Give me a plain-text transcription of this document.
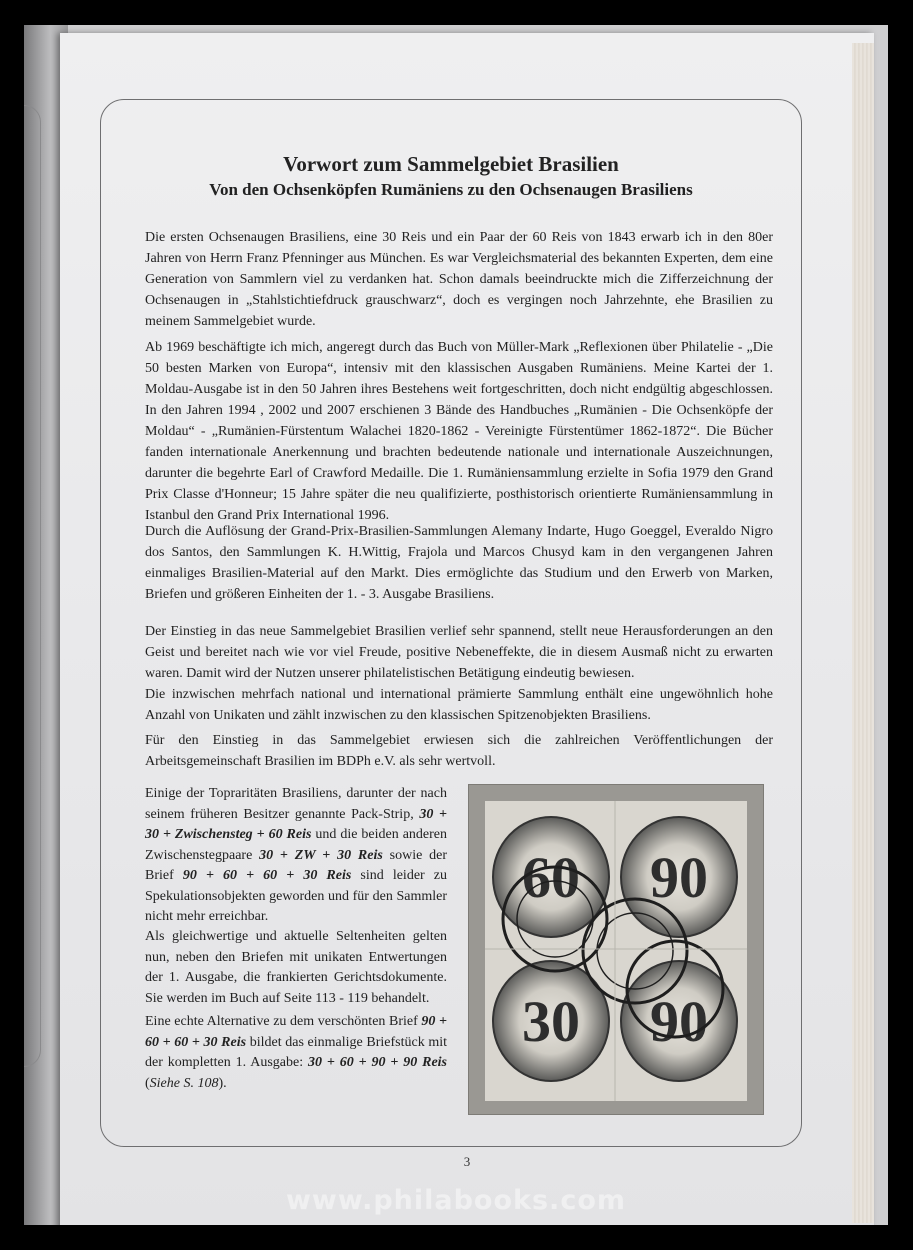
Vorwort zum Sammelgebiet Brasilien
Von den Ochsenköpfen Rumäniens zu den Ochsenaugen Brasiliens

Die ersten Ochsenaugen Brasiliens, eine 30 Reis und ein Paar der 60 Reis von 1843 erwarb ich in den 80er Jahren von Herrn Franz Pfenninger aus München. Es war Vergleichsmaterial des bekannten Experten, dem eine Generation von Sammlern viel zu verdanken hat. Schon damals beeindruckte mich die Zifferzeichnung der Ochsenaugen in „Stahlstichtiefdruck grauschwarz“, doch es vergingen noch Jahrzehnte, ehe Brasilien zu meinem Sammelgebiet wurde.

Ab 1969 beschäftigte ich mich, angeregt durch das Buch von Müller-Mark „Reflexionen über Philatelie - „Die 50 besten Marken von Europa“, intensiv mit den klassischen Ausgaben Rumäniens. Meine Kartei der 1. Moldau-Ausgabe ist in den 50 Jahren ihres Bestehens weit fortgeschritten, doch nicht endgültig abgeschlossen. In den Jahren 1994 , 2002 und 2007 erschienen 3 Bände des Handbuches „Rumänien - Die Ochsenköpfe der Moldau“ - „Rumänien-Fürstentum Walachei 1820-1862 - Vereinigte Fürstentümer 1862-1872“. Die Bücher fanden internationale Anerkennung und brachten bedeutende nationale und internationale Auszeichnungen, darunter die begehrte Earl of Crawford Medaille. Die 1. Rumäniensammlung erzielte in Sofia 1979 den Grand Prix Classe d'Honneur; 15 Jahre später die neu qualifizierte, posthistorisch orientierte Rumäniensammlung in Istanbul den Grand Prix International 1996.

Durch die Auflösung der Grand-Prix-Brasilien-Sammlungen Alemany Indarte, Hugo Goeggel, Everaldo Nigro dos Santos, den Sammlungen K. H.Wittig, Frajola und Marcos Chusyd kam in den vergangenen Jahren einmaliges Brasilien-Material auf den Markt. Dies ermöglichte das Studium und den Erwerb von Marken, Briefen und größeren Einheiten der 1. - 3. Ausgabe Brasiliens.

Der Einstieg in das neue Sammelgebiet Brasilien verlief sehr spannend, stellt neue Herausforderungen an den Geist und bereitet nach wie vor viel Freude, positive Nebeneffekte, die in diesem Ausmaß nicht zu erwarten waren. Damit wird der Nutzen unserer philatelistischen Betätigung eindeutig bewiesen.

Die inzwischen mehrfach national und international prämierte Sammlung enthält eine ungewöhnlich hohe Anzahl von Unikaten und zählt inzwischen zu den klassischen Spitzenobjekten Brasiliens.

Für den Einstieg in das Sammelgebiet erwiesen sich die zahlreichen Veröffentlichungen der Arbeitsgemeinschaft Brasilien im BDPh e.V. als sehr wertvoll.

Einige der Toprаritäten Brasiliens, darunter der nach seinem früheren Besitzer genannte Pack-Strip, 30 + 30 + Zwischensteg + 60 Reis und die beiden anderen Zwischenstegpaare 30 + ZW + 30 Reis sowie der Brief 90 + 60 + 60 + 30 Reis sind leider zu Spekulationsobjekten geworden und für den Sammler nicht mehr erreichbar.
Als gleichwertige und aktuelle Seltenheiten gelten nun, neben den Briefen mit unikaten Entwertungen der 1. Ausgabe, die frankierten Gerichtsdokumente. Sie werden im Buch auf Seite 113 - 119 behandelt.
Eine echte Alternative zu dem verschönten Brief 90 + 60 + 60 + 30 Reis bildet das einmalige Briefstück mit der kompletten 1. Ausgabe: 30 + 60 + 90 + 90 Reis (Siehe S. 108).
60 90
30 90
3
www.philabooks.com
